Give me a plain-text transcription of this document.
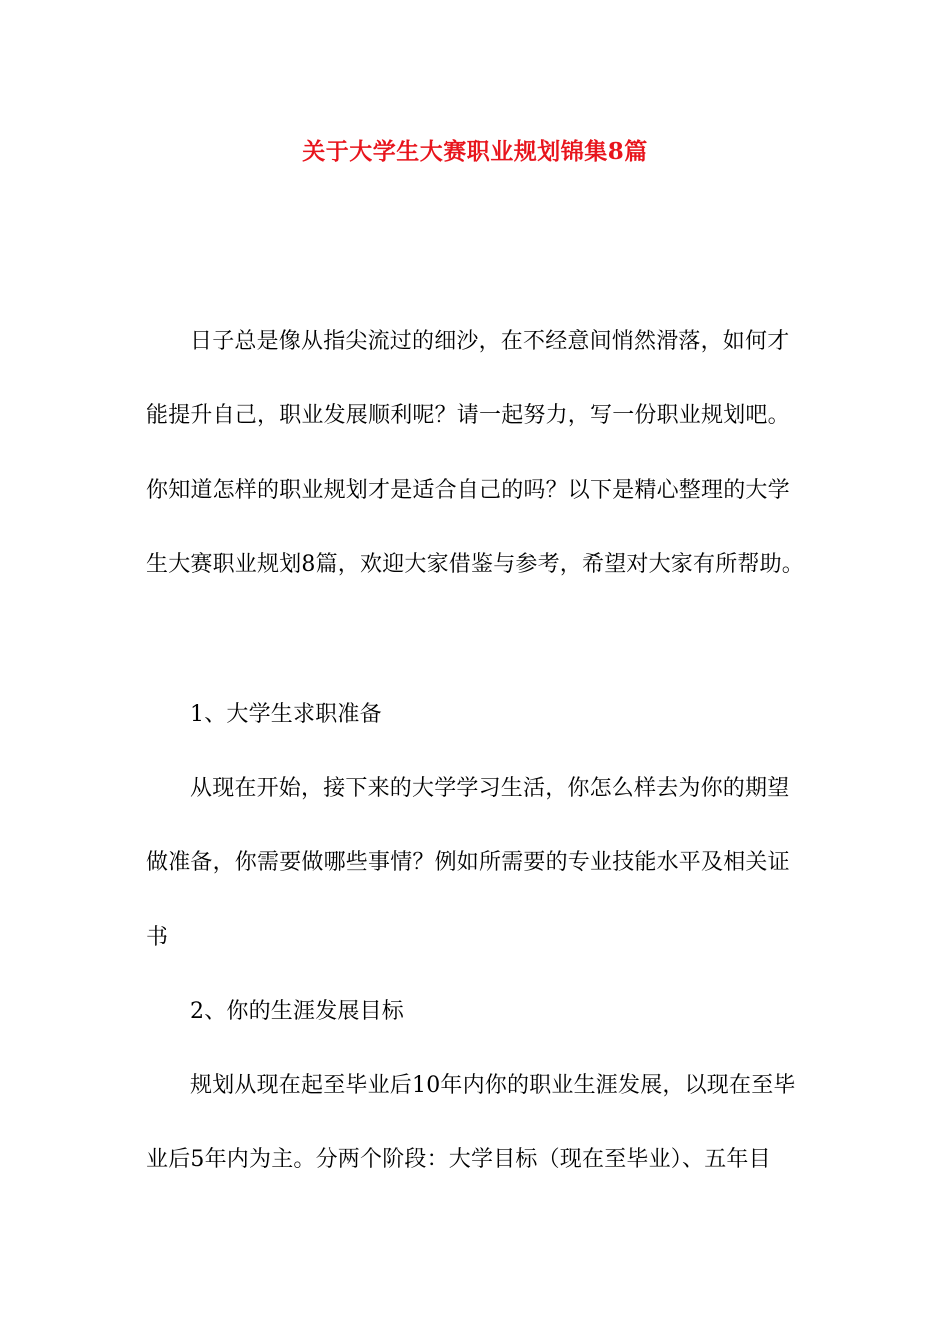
关于大学生大赛职业规划锦集8篇
日子总是像从指尖流过的细沙，在不经意间悄然滑落，如何才
能提升自己，职业发展顺利呢？请一起努力，写一份职业规划吧。
你知道怎样的职业规划才是适合自己的吗？以下是精心整理的大学
生大赛职业规划8篇，欢迎大家借鉴与参考，希望对大家有所帮助。
1、大学生求职准备
从现在开始，接下来的大学学习生活，你怎么样去为你的期望
做准备，你需要做哪些事情？例如所需要的专业技能水平及相关证
书
2、你的生涯发展目标
规划从现在起至毕业后10年内你的职业生涯发展，以现在至毕
业后5年内为主。分两个阶段：大学目标（现在至毕业）、五年目
